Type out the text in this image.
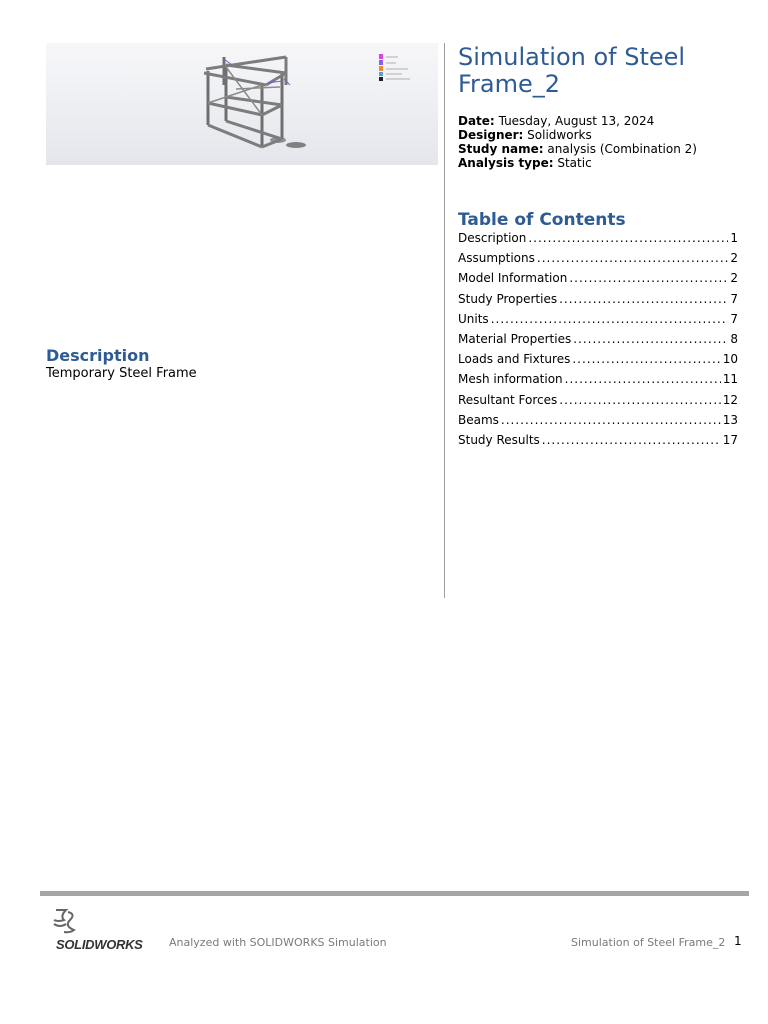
Simulation of Steel Frame_2
Date: Tuesday, August 13, 2024
Designer: Solidworks
Study name: analysis (Combination 2)
Analysis type: Static
Table of Contents
Description .....	1
Assumptions .....	2
Model Information .....	2
Study Properties .....	7
Units .....	7
Material Properties .....	8
Loads and Fixtures .....	10
Mesh information .....	11
Resultant Forces .....	12
Beams .....	13
Study Results .....	17
Description
Temporary Steel Frame
SOLIDWORKS Analyzed with SOLIDWORKS Simulation	Simulation of Steel Frame_2 1
